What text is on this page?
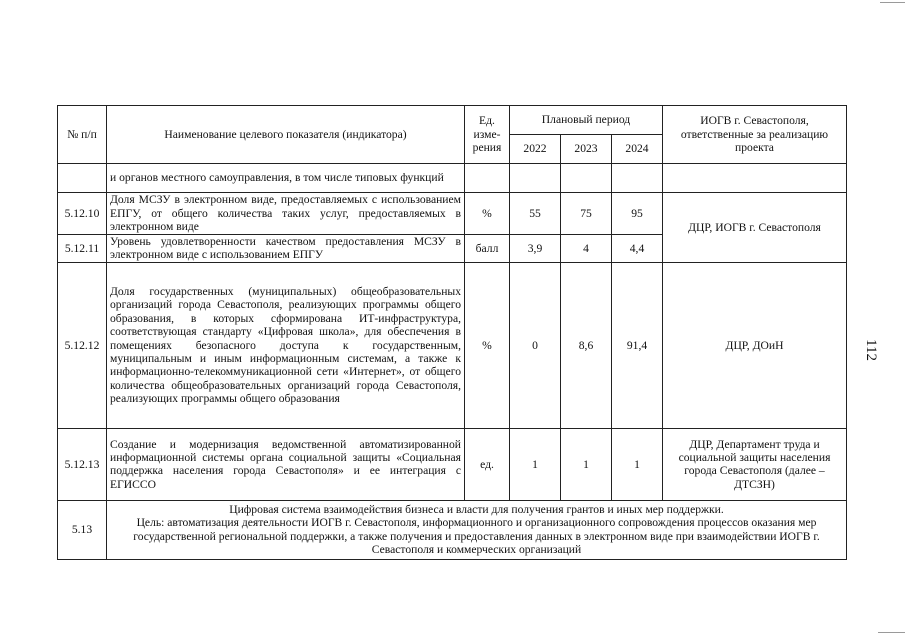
112
№ п/п	Наименование целевого показателя (индикатора)	Ед. изме-рения	Плановый период			ИОГВ г. Севастополя, ответственные за реализацию проекта
			2022	2023	2024	
	и органов местного самоуправления, в том числе типовых функций					
5.12.10	Доля МСЗУ в электронном виде, предоставляемых с использованием ЕПГУ, от общего количества таких услуг, предоставляемых в электронном виде	%	55	75	95	ДЦР, ИОГВ г. Севастополя
5.12.11	Уровень удовлетворенности качеством предоставления МСЗУ в электронном виде с использованием ЕПГУ	балл	3,9	4	4,4	
5.12.12	Доля государственных (муниципальных) общеобразовательных организаций города Севастополя, реализующих программы общего образования, в которых сформирована ИТ-инфраструктура, соответствующая стандарту «Цифровая школа», для обеспечения в помещениях безопасного доступа к государственным, муниципальным и иным информационным системам, а также к информационно-телекоммуникационной сети «Интернет», от общего количества общеобразовательных организаций города Севастополя, реализующих программы общего образования	%	0	8,6	91,4	ДЦР, ДОиН
5.12.13	Создание и модернизация ведомственной автоматизированной информационной системы органа социальной защиты «Социальная поддержка населения города Севастополя» и ее интеграция с ЕГИССО	ед.	1	1	1	ДЦР, Департамент труда и социальной защиты населения города Севастополя (далее – ДТСЗН)
5.13	Цифровая система взаимодействия бизнеса и власти для получения грантов и иных мер поддержки.
Цель: автоматизация деятельности ИОГВ г. Севастополя, информационного и организационного сопровождения процессов оказания мер государственной региональной поддержки, а также получения и предоставления данных в электронном виде при взаимодействии ИОГВ г. Севастополя и коммерческих организаций					
